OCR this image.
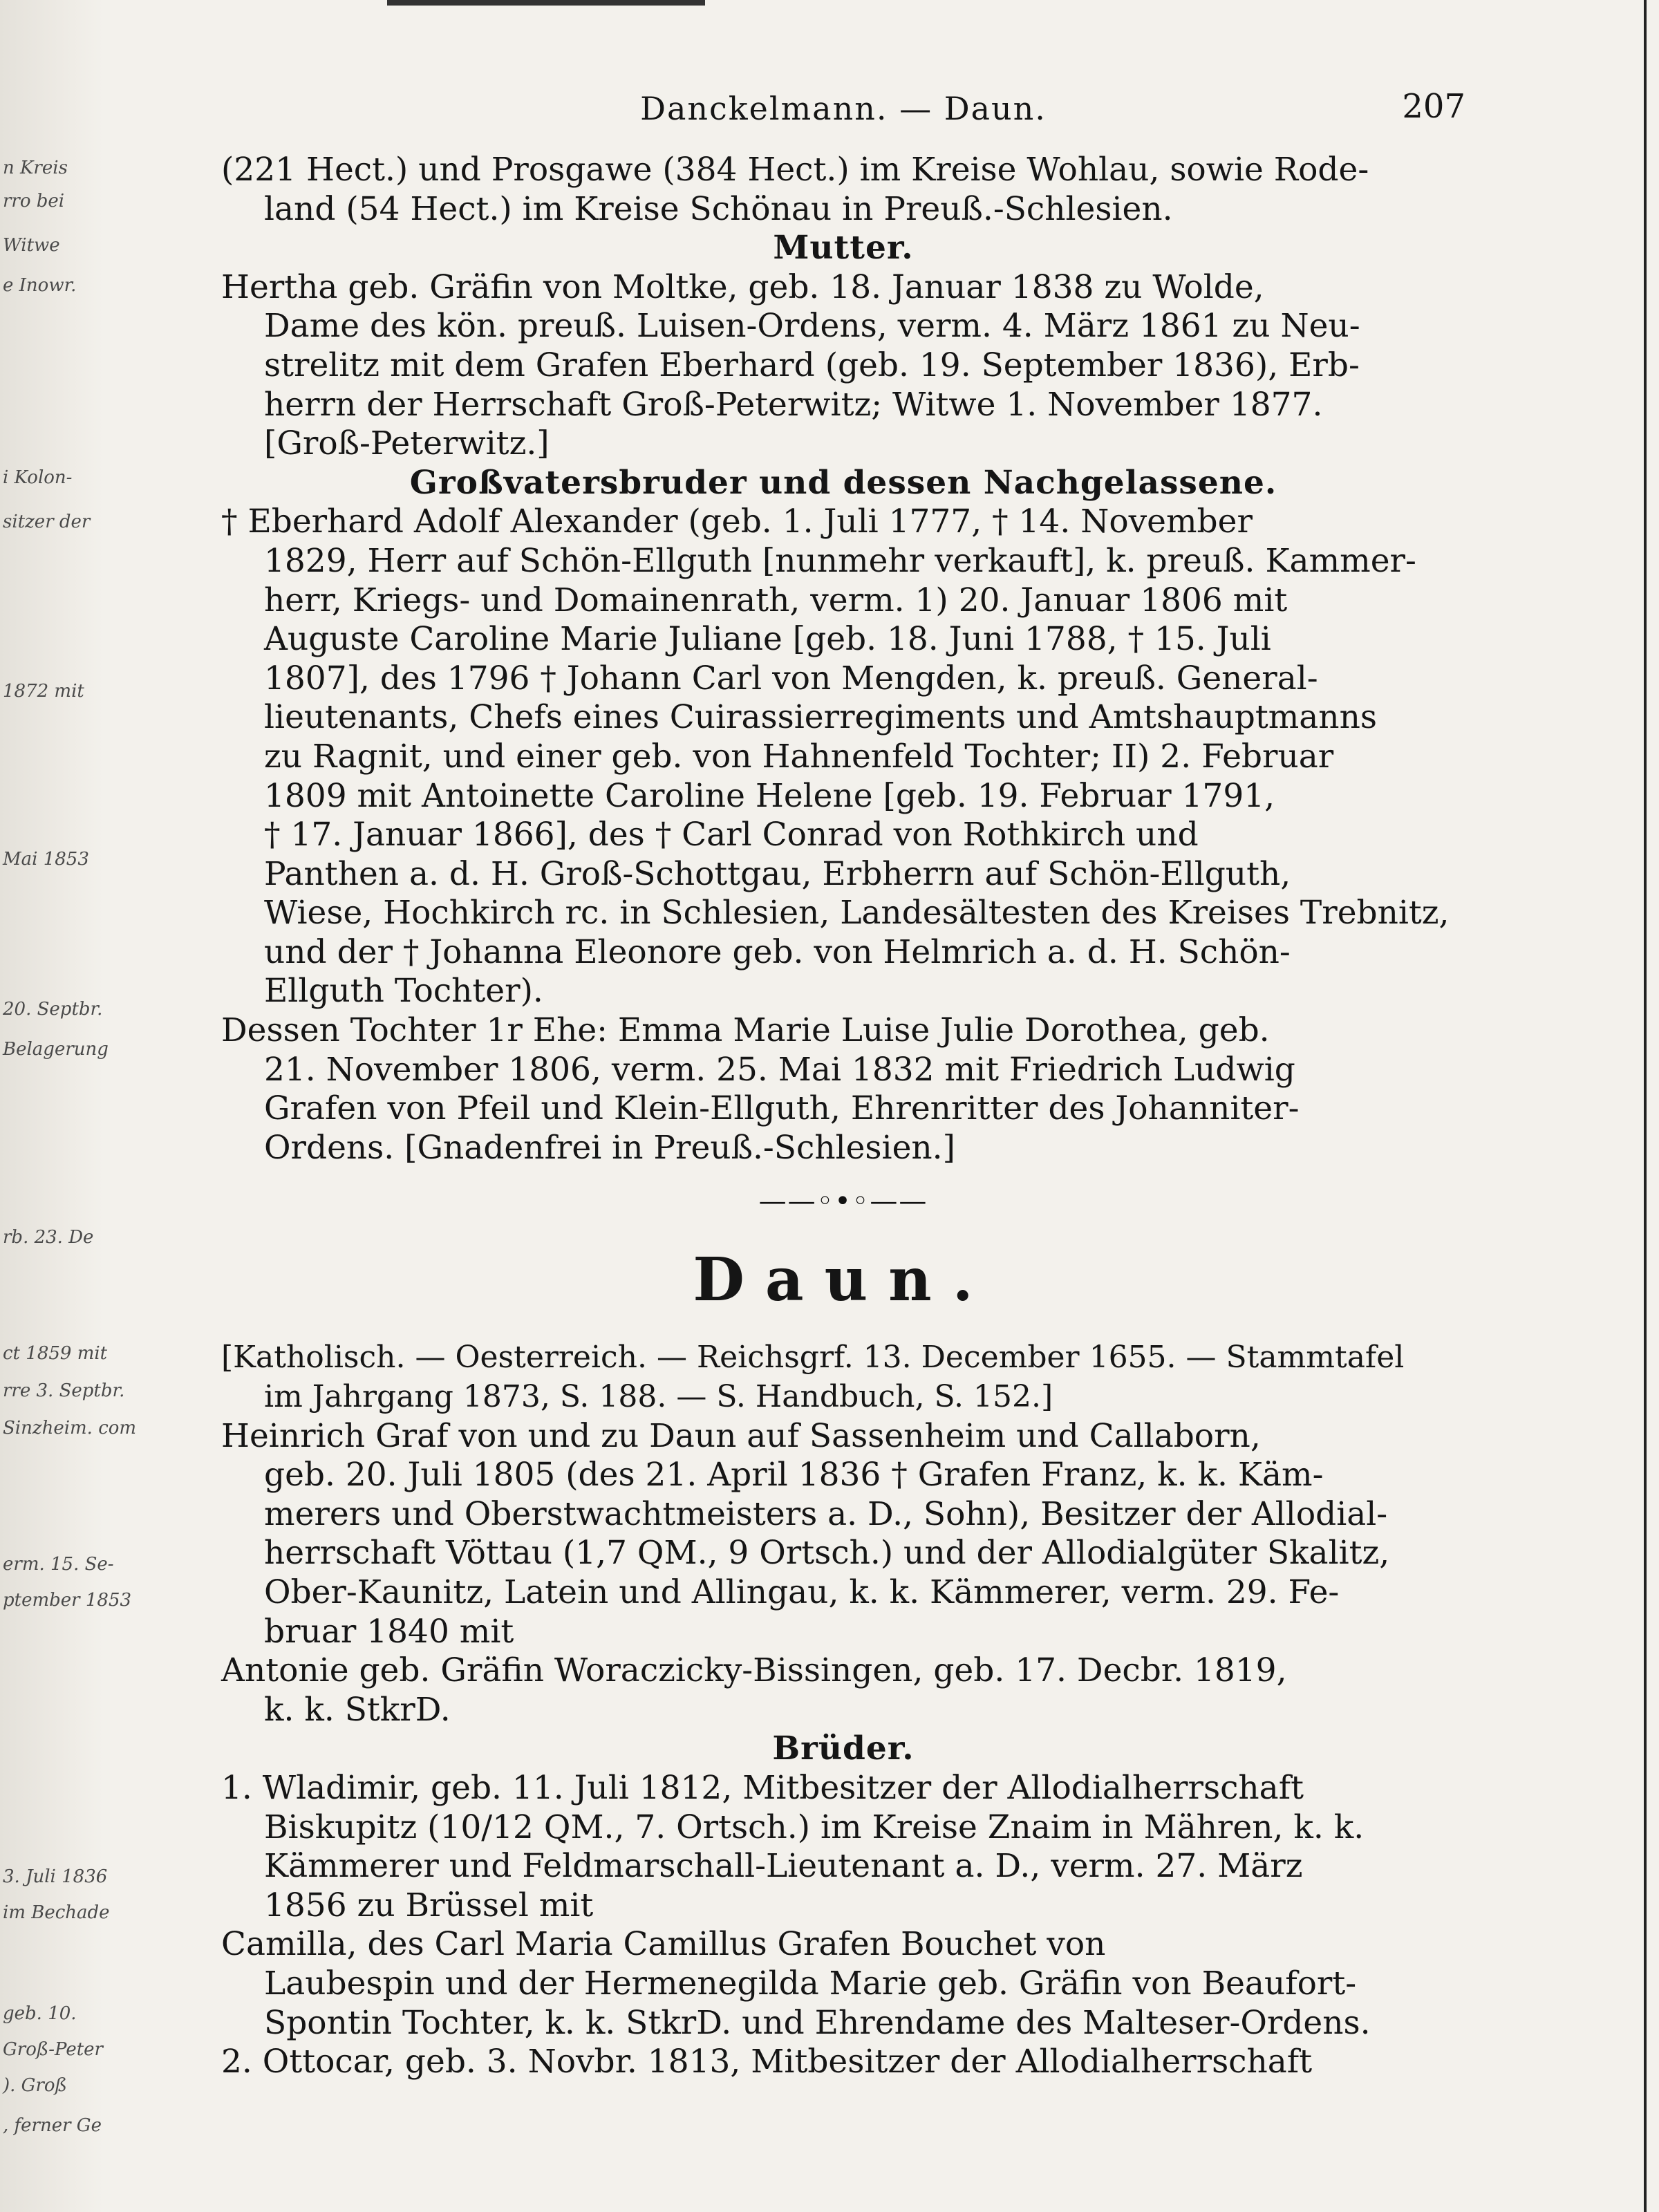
n Kreis
rro bei
Witwe
e Inowr.
i Kolon-
sitzer der
1872 mit
Mai 1853
20. Septbr.
Belagerung
rb. 23. De
ct 1859 mit
rre 3. Septbr.
Sinzheim. com
erm. 15. Se-
ptember 1853
3. Juli 1836
im Bechade
geb. 10.
Groß-Peter
). Groß
, ferner Ge
Danckelmann. — Daun.	207
(221 Hect.) und Prosgawe (384 Hect.) im Kreise Wohlau, sowie Rode-
land (54 Hect.) im Kreise Schönau in Preuß.-Schlesien.
Mutter.
Hertha geb. Gräfin von Moltke, geb. 18. Januar 1838 zu Wolde,
Dame des kön. preuß. Luisen-Ordens, verm. 4. März 1861 zu Neu-
strelitz mit dem Grafen Eberhard (geb. 19. September 1836), Erb-
herrn der Herrschaft Groß-Peterwitz; Witwe 1. November 1877.
[Groß-Peterwitz.]
Großvatersbruder und dessen Nachgelassene.
† Eberhard Adolf Alexander (geb. 1. Juli 1777, † 14. November
1829, Herr auf Schön-Ellguth [nunmehr verkauft], k. preuß. Kammer-
herr, Kriegs- und Domainenrath, verm. 1) 20. Januar 1806 mit
Auguste Caroline Marie Juliane [geb. 18. Juni 1788, † 15. Juli
1807], des 1796 † Johann Carl von Mengden, k. preuß. General-
lieutenants, Chefs eines Cuirassierregiments und Amtshauptmanns
zu Ragnit, und einer geb. von Hahnenfeld Tochter; II) 2. Februar
1809 mit Antoinette Caroline Helene [geb. 19. Februar 1791,
† 17. Januar 1866], des † Carl Conrad von Rothkirch und
Panthen a. d. H. Groß-Schottgau, Erbherrn auf Schön-Ellguth,
Wiese, Hochkirch rc. in Schlesien, Landesältesten des Kreises Trebnitz,
und der † Johanna Eleonore geb. von Helmrich a. d. H. Schön-
Ellguth Tochter).
Dessen Tochter 1r Ehe: Emma Marie Luise Julie Dorothea, geb.
21. November 1806, verm. 25. Mai 1832 mit Friedrich Ludwig
Grafen von Pfeil und Klein-Ellguth, Ehrenritter des Johanniter-
Ordens. [Gnadenfrei in Preuß.-Schlesien.]
——◦•◦——
Daun.
[Katholisch. — Oesterreich. — Reichsgrf. 13. December 1655. — Stammtafel
im Jahrgang 1873, S. 188. — S. Handbuch, S. 152.]
Heinrich Graf von und zu Daun auf Sassenheim und Callaborn,
geb. 20. Juli 1805 (des 21. April 1836 † Grafen Franz, k. k. Käm-
merers und Oberstwachtmeisters a. D., Sohn), Besitzer der Allodial-
herrschaft Vöttau (1,7 QM., 9 Ortsch.) und der Allodialgüter Skalitz,
Ober-Kaunitz, Latein und Allingau, k. k. Kämmerer, verm. 29. Fe-
bruar 1840 mit
Antonie geb. Gräfin Woraczicky-Bissingen, geb. 17. Decbr. 1819,
k. k. StkrD.
Brüder.
1. Wladimir, geb. 11. Juli 1812, Mitbesitzer der Allodialherrschaft
Biskupitz (10/12 QM., 7. Ortsch.) im Kreise Znaim in Mähren, k. k.
Kämmerer und Feldmarschall-Lieutenant a. D., verm. 27. März
1856 zu Brüssel mit
Camilla, des Carl Maria Camillus Grafen Bouchet von
Laubespin und der Hermenegilda Marie geb. Gräfin von Beaufort-
Spontin Tochter, k. k. StkrD. und Ehrendame des Malteser-Ordens.
2. Ottocar, geb. 3. Novbr. 1813, Mitbesitzer der Allodialherrschaft
